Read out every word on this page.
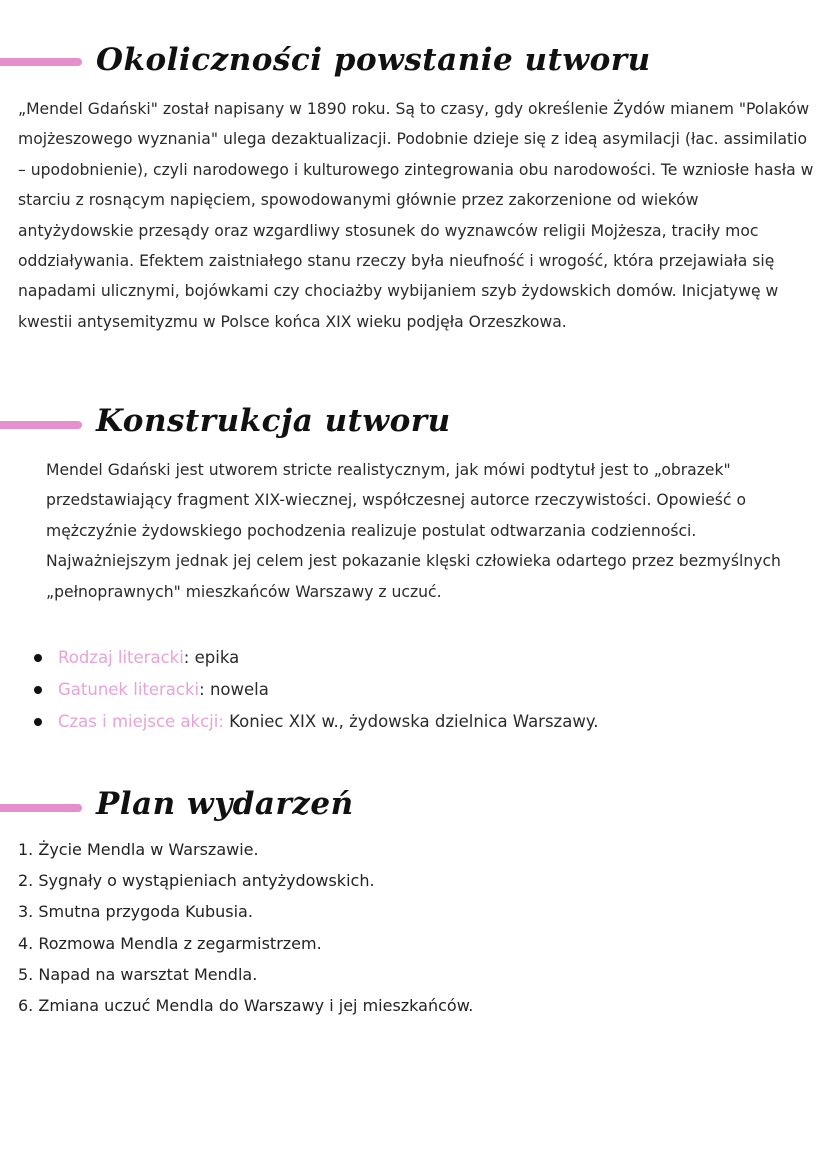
Okoliczności powstanie utworu

„Mendel Gdański" został napisany w 1890 roku. Są to czasy, gdy określenie Żydów mianem "Polaków mojżeszowego wyznania" ulega dezaktualizacji. Podobnie dzieje się z ideą asymilacji (łac. assimilatio – upodobnienie), czyli narodowego i kulturowego zintegrowania obu narodowości. Te wzniosłe hasła w starciu z rosnącym napięciem, spowodowanymi głównie przez zakorzenione od wieków antyżydowskie przesądy oraz wzgardliwy stosunek do wyznawców religii Mojżesza, traciły moc oddziaływania. Efektem zaistniałego stanu rzeczy była nieufność i wrogość, która przejawiała się napadami ulicznymi, bojówkami czy chociażby wybijaniem szyb żydowskich domów. Inicjatywę w kwestii antysemityzmu w Polsce końca XIX wieku podjęła Orzeszkowa.

Konstrukcja utworu

Mendel Gdański jest utworem stricte realistycznym, jak mówi podtytuł jest to „obrazek" przedstawiający fragment XIX-wiecznej, współczesnej autorce rzeczywistości. Opowieść o mężczyźnie żydowskiego pochodzenia realizuje postulat odtwarzania codzienności. Najważniejszym jednak jej celem jest pokazanie klęski człowieka odartego przez bezmyślnych „pełnoprawnych" mieszkańców Warszawy z uczuć.

Rodzaj literacki: epika
Gatunek literacki: nowela
Czas i miejsce akcji: Koniec XIX w., żydowska dzielnica Warszawy.
Plan wydarzeń
1. Życie Mendla w Warszawie.
2. Sygnały o wystąpieniach antyżydowskich.
3. Smutna przygoda Kubusia.
4. Rozmowa Mendla z zegarmistrzem.
5. Napad na warsztat Mendla.
6. Zmiana uczuć Mendla do Warszawy i jej mieszkańców.
